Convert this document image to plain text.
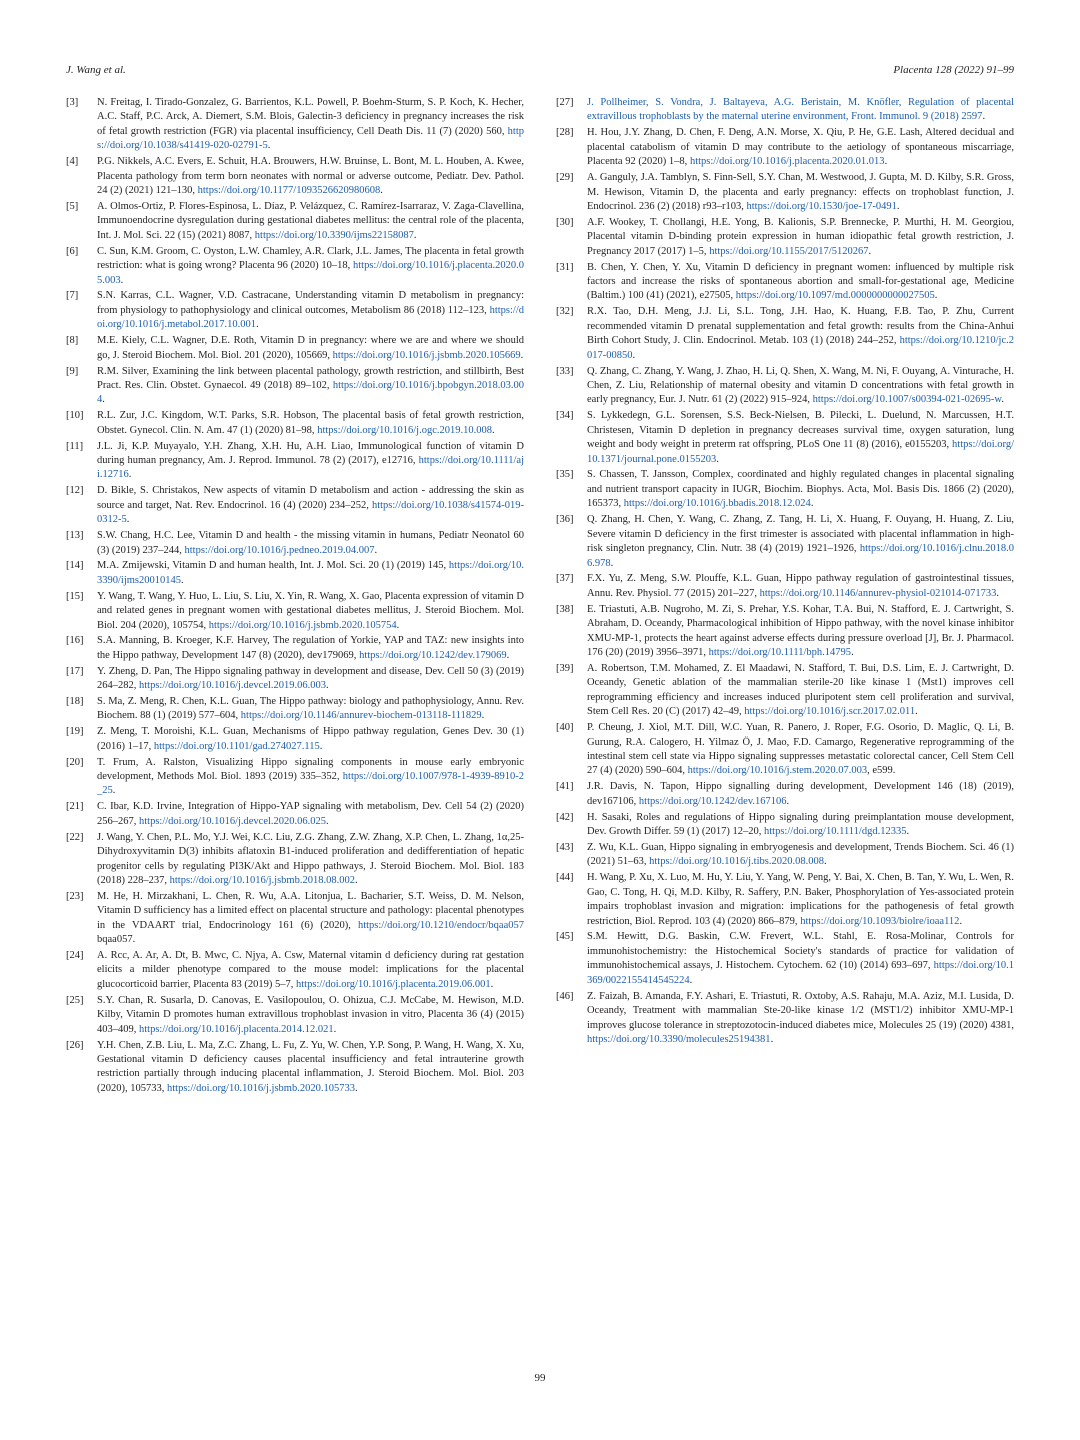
J. Wang et al.	Placenta 128 (2022) 91–99
[3]	N. Freitag, I. Tirado-Gonzalez, G. Barrientos, K.L. Powell, P. Boehm-Sturm, S. P. Koch, K. Hecher, A.C. Staff, P.C. Arck, A. Diemert, S.M. Blois, Galectin-3 deficiency in pregnancy increases the risk of fetal growth restriction (FGR) via placental insufficiency, Cell Death Dis. 11 (7) (2020) 560, https://doi.org/10.1038/s41419-020-02791-5.
[4]	P.G. Nikkels, A.C. Evers, E. Schuit, H.A. Brouwers, H.W. Bruinse, L. Bont, M. L. Houben, A. Kwee, Placenta pathology from term born neonates with normal or adverse outcome, Pediatr. Dev. Pathol. 24 (2) (2021) 121–130, https://doi.org/10.1177/1093526620980608.
[5]	A. Olmos-Ortiz, P. Flores-Espinosa, L. Díaz, P. Velázquez, C. Ramírez-Isarraraz, V. Zaga-Clavellina, Immunoendocrine dysregulation during gestational diabetes mellitus: the central role of the placenta, Int. J. Mol. Sci. 22 (15) (2021) 8087, https://doi.org/10.3390/ijms22158087.
[6]	C. Sun, K.M. Groom, C. Oyston, L.W. Chamley, A.R. Clark, J.L. James, The placenta in fetal growth restriction: what is going wrong? Placenta 96 (2020) 10–18, https://doi.org/10.1016/j.placenta.2020.05.003.
[7]	S.N. Karras, C.L. Wagner, V.D. Castracane, Understanding vitamin D metabolism in pregnancy: from physiology to pathophysiology and clinical outcomes, Metabolism 86 (2018) 112–123, https://doi.org/10.1016/j.metabol.2017.10.001.
[8]	M.E. Kiely, C.L. Wagner, D.E. Roth, Vitamin D in pregnancy: where we are and where we should go, J. Steroid Biochem. Mol. Biol. 201 (2020), 105669, https://doi.org/10.1016/j.jsbmb.2020.105669.
[9]	R.M. Silver, Examining the link between placental pathology, growth restriction, and stillbirth, Best Pract. Res. Clin. Obstet. Gynaecol. 49 (2018) 89–102, https://doi.org/10.1016/j.bpobgyn.2018.03.004.
[10]	R.L. Zur, J.C. Kingdom, W.T. Parks, S.R. Hobson, The placental basis of fetal growth restriction, Obstet. Gynecol. Clin. N. Am. 47 (1) (2020) 81–98, https://doi.org/10.1016/j.ogc.2019.10.008.
[11]	J.L. Ji, K.P. Muyayalo, Y.H. Zhang, X.H. Hu, A.H. Liao, Immunological function of vitamin D during human pregnancy, Am. J. Reprod. Immunol. 78 (2) (2017), e12716, https://doi.org/10.1111/aji.12716.
[12]	D. Bikle, S. Christakos, New aspects of vitamin D metabolism and action - addressing the skin as source and target, Nat. Rev. Endocrinol. 16 (4) (2020) 234–252, https://doi.org/10.1038/s41574-019-0312-5.
[13]	S.W. Chang, H.C. Lee, Vitamin D and health - the missing vitamin in humans, Pediatr Neonatol 60 (3) (2019) 237–244, https://doi.org/10.1016/j.pedneo.2019.04.007.
[14]	M.A. Zmijewski, Vitamin D and human health, Int. J. Mol. Sci. 20 (1) (2019) 145, https://doi.org/10.3390/ijms20010145.
[15]	Y. Wang, T. Wang, Y. Huo, L. Liu, S. Liu, X. Yin, R. Wang, X. Gao, Placenta expression of vitamin D and related genes in pregnant women with gestational diabetes mellitus, J. Steroid Biochem. Mol. Biol. 204 (2020), 105754, https://doi.org/10.1016/j.jsbmb.2020.105754.
[16]	S.A. Manning, B. Kroeger, K.F. Harvey, The regulation of Yorkie, YAP and TAZ: new insights into the Hippo pathway, Development 147 (8) (2020), dev179069, https://doi.org/10.1242/dev.179069.
[17]	Y. Zheng, D. Pan, The Hippo signaling pathway in development and disease, Dev. Cell 50 (3) (2019) 264–282, https://doi.org/10.1016/j.devcel.2019.06.003.
[18]	S. Ma, Z. Meng, R. Chen, K.L. Guan, The Hippo pathway: biology and pathophysiology, Annu. Rev. Biochem. 88 (1) (2019) 577–604, https://doi.org/10.1146/annurev-biochem-013118-111829.
[19]	Z. Meng, T. Moroishi, K.L. Guan, Mechanisms of Hippo pathway regulation, Genes Dev. 30 (1) (2016) 1–17, https://doi.org/10.1101/gad.274027.115.
[20]	T. Frum, A. Ralston, Visualizing Hippo signaling components in mouse early embryonic development, Methods Mol. Biol. 1893 (2019) 335–352, https://doi.org/10.1007/978-1-4939-8910-2_25.
[21]	C. Ibar, K.D. Irvine, Integration of Hippo-YAP signaling with metabolism, Dev. Cell 54 (2) (2020) 256–267, https://doi.org/10.1016/j.devcel.2020.06.025.
[22]	J. Wang, Y. Chen, P.L. Mo, Y.J. Wei, K.C. Liu, Z.G. Zhang, Z.W. Zhang, X.P. Chen, L. Zhang, 1α,25-Dihydroxyvitamin D(3) inhibits aflatoxin B1-induced proliferation and dedifferentiation of hepatic progenitor cells by regulating PI3K/Akt and Hippo pathways, J. Steroid Biochem. Mol. Biol. 183 (2018) 228–237, https://doi.org/10.1016/j.jsbmb.2018.08.002.
[23]	M. He, H. Mirzakhani, L. Chen, R. Wu, A.A. Litonjua, L. Bacharier, S.T. Weiss, D. M. Nelson, Vitamin D sufficiency has a limited effect on placental structure and pathology: placental phenotypes in the VDAART trial, Endocrinology 161 (6) (2020), https://doi.org/10.1210/endocr/bqaa057 bqaa057.
[24]	A. Rcc, A. Ar, A. Dt, B. Mwc, C. Njya, A. Csw, Maternal vitamin d deficiency during rat gestation elicits a milder phenotype compared to the mouse model: implications for the placental glucocorticoid barrier, Placenta 83 (2019) 5–7, https://doi.org/10.1016/j.placenta.2019.06.001.
[25]	S.Y. Chan, R. Susarla, D. Canovas, E. Vasilopoulou, O. Ohizua, C.J. McCabe, M. Hewison, M.D. Kilby, Vitamin D promotes human extravillous trophoblast invasion in vitro, Placenta 36 (4) (2015) 403–409, https://doi.org/10.1016/j.placenta.2014.12.021.
[26]	Y.H. Chen, Z.B. Liu, L. Ma, Z.C. Zhang, L. Fu, Z. Yu, W. Chen, Y.P. Song, P. Wang, H. Wang, X. Xu, Gestational vitamin D deficiency causes placental insufficiency and fetal intrauterine growth restriction partially through inducing placental inflammation, J. Steroid Biochem. Mol. Biol. 203 (2020), 105733, https://doi.org/10.1016/j.jsbmb.2020.105733.
[27]	J. Pollheimer, S. Vondra, J. Baltayeva, A.G. Beristain, M. Knöfler, Regulation of placental extravillous trophoblasts by the maternal uterine environment, Front. Immunol. 9 (2018) 2597.
[28]	H. Hou, J.Y. Zhang, D. Chen, F. Deng, A.N. Morse, X. Qiu, P. He, G.E. Lash, Altered decidual and placental catabolism of vitamin D may contribute to the aetiology of spontaneous miscarriage, Placenta 92 (2020) 1–8, https://doi.org/10.1016/j.placenta.2020.01.013.
[29]	A. Ganguly, J.A. Tamblyn, S. Finn-Sell, S.Y. Chan, M. Westwood, J. Gupta, M. D. Kilby, S.R. Gross, M. Hewison, Vitamin D, the placenta and early pregnancy: effects on trophoblast function, J. Endocrinol. 236 (2) (2018) r93–r103, https://doi.org/10.1530/joe-17-0491.
[30]	A.F. Wookey, T. Chollangi, H.E. Yong, B. Kalionis, S.P. Brennecke, P. Murthi, H. M. Georgiou, Placental vitamin D-binding protein expression in human idiopathic fetal growth restriction, J. Pregnancy 2017 (2017) 1–5, https://doi.org/10.1155/2017/5120267.
[31]	B. Chen, Y. Chen, Y. Xu, Vitamin D deficiency in pregnant women: influenced by multiple risk factors and increase the risks of spontaneous abortion and small-for-gestational age, Medicine (Baltim.) 100 (41) (2021), e27505, https://doi.org/10.1097/md.0000000000027505.
[32]	R.X. Tao, D.H. Meng, J.J. Li, S.L. Tong, J.H. Hao, K. Huang, F.B. Tao, P. Zhu, Current recommended vitamin D prenatal supplementation and fetal growth: results from the China-Anhui Birth Cohort Study, J. Clin. Endocrinol. Metab. 103 (1) (2018) 244–252, https://doi.org/10.1210/jc.2017-00850.
[33]	Q. Zhang, C. Zhang, Y. Wang, J. Zhao, H. Li, Q. Shen, X. Wang, M. Ni, F. Ouyang, A. Vinturache, H. Chen, Z. Liu, Relationship of maternal obesity and vitamin D concentrations with fetal growth in early pregnancy, Eur. J. Nutr. 61 (2) (2022) 915–924, https://doi.org/10.1007/s00394-021-02695-w.
[34]	S. Lykkedegn, G.L. Sorensen, S.S. Beck-Nielsen, B. Pilecki, L. Duelund, N. Marcussen, H.T. Christesen, Vitamin D depletion in pregnancy decreases survival time, oxygen saturation, lung weight and body weight in preterm rat offspring, PLoS One 11 (8) (2016), e0155203, https://doi.org/10.1371/journal.pone.0155203.
[35]	S. Chassen, T. Jansson, Complex, coordinated and highly regulated changes in placental signaling and nutrient transport capacity in IUGR, Biochim. Biophys. Acta, Mol. Basis Dis. 1866 (2) (2020), 165373, https://doi.org/10.1016/j.bbadis.2018.12.024.
[36]	Q. Zhang, H. Chen, Y. Wang, C. Zhang, Z. Tang, H. Li, X. Huang, F. Ouyang, H. Huang, Z. Liu, Severe vitamin D deficiency in the first trimester is associated with placental inflammation in high-risk singleton pregnancy, Clin. Nutr. 38 (4) (2019) 1921–1926, https://doi.org/10.1016/j.clnu.2018.06.978.
[37]	F.X. Yu, Z. Meng, S.W. Plouffe, K.L. Guan, Hippo pathway regulation of gastrointestinal tissues, Annu. Rev. Physiol. 77 (2015) 201–227, https://doi.org/10.1146/annurev-physiol-021014-071733.
[38]	E. Triastuti, A.B. Nugroho, M. Zi, S. Prehar, Y.S. Kohar, T.A. Bui, N. Stafford, E. J. Cartwright, S. Abraham, D. Oceandy, Pharmacological inhibition of Hippo pathway, with the novel kinase inhibitor XMU-MP-1, protects the heart against adverse effects during pressure overload [J], Br. J. Pharmacol. 176 (20) (2019) 3956–3971, https://doi.org/10.1111/bph.14795.
[39]	A. Robertson, T.M. Mohamed, Z. El Maadawi, N. Stafford, T. Bui, D.S. Lim, E. J. Cartwright, D. Oceandy, Genetic ablation of the mammalian sterile-20 like kinase 1 (Mst1) improves cell reprogramming efficiency and increases induced pluripotent stem cell proliferation and survival, Stem Cell Res. 20 (C) (2017) 42–49, https://doi.org/10.1016/j.scr.2017.02.011.
[40]	P. Cheung, J. Xiol, M.T. Dill, W.C. Yuan, R. Panero, J. Roper, F.G. Osorio, D. Maglic, Q. Li, B. Gurung, R.A. Calogero, H. Yilmaz Ö, J. Mao, F.D. Camargo, Regenerative reprogramming of the intestinal stem cell state via Hippo signaling suppresses metastatic colorectal cancer, Cell Stem Cell 27 (4) (2020) 590–604, https://doi.org/10.1016/j.stem.2020.07.003, e599.
[41]	J.R. Davis, N. Tapon, Hippo signalling during development, Development 146 (18) (2019), dev167106, https://doi.org/10.1242/dev.167106.
[42]	H. Sasaki, Roles and regulations of Hippo signaling during preimplantation mouse development, Dev. Growth Differ. 59 (1) (2017) 12–20, https://doi.org/10.1111/dgd.12335.
[43]	Z. Wu, K.L. Guan, Hippo signaling in embryogenesis and development, Trends Biochem. Sci. 46 (1) (2021) 51–63, https://doi.org/10.1016/j.tibs.2020.08.008.
[44]	H. Wang, P. Xu, X. Luo, M. Hu, Y. Liu, Y. Yang, W. Peng, Y. Bai, X. Chen, B. Tan, Y. Wu, L. Wen, R. Gao, C. Tong, H. Qi, M.D. Kilby, R. Saffery, P.N. Baker, Phosphorylation of Yes-associated protein impairs trophoblast invasion and migration: implications for the pathogenesis of fetal growth restriction, Biol. Reprod. 103 (4) (2020) 866–879, https://doi.org/10.1093/biolre/ioaa112.
[45]	S.M. Hewitt, D.G. Baskin, C.W. Frevert, W.L. Stahl, E. Rosa-Molinar, Controls for immunohistochemistry: the Histochemical Society's standards of practice for validation of immunohistochemical assays, J. Histochem. Cytochem. 62 (10) (2014) 693–697, https://doi.org/10.1369/0022155414545224.
[46]	Z. Faizah, B. Amanda, F.Y. Ashari, E. Triastuti, R. Oxtoby, A.S. Rahaju, M.A. Aziz, M.I. Lusida, D. Oceandy, Treatment with mammalian Ste-20-like kinase 1/2 (MST1/2) inhibitor XMU-MP-1 improves glucose tolerance in streptozotocin-induced diabetes mice, Molecules 25 (19) (2020) 4381, https://doi.org/10.3390/molecules25194381.
99
